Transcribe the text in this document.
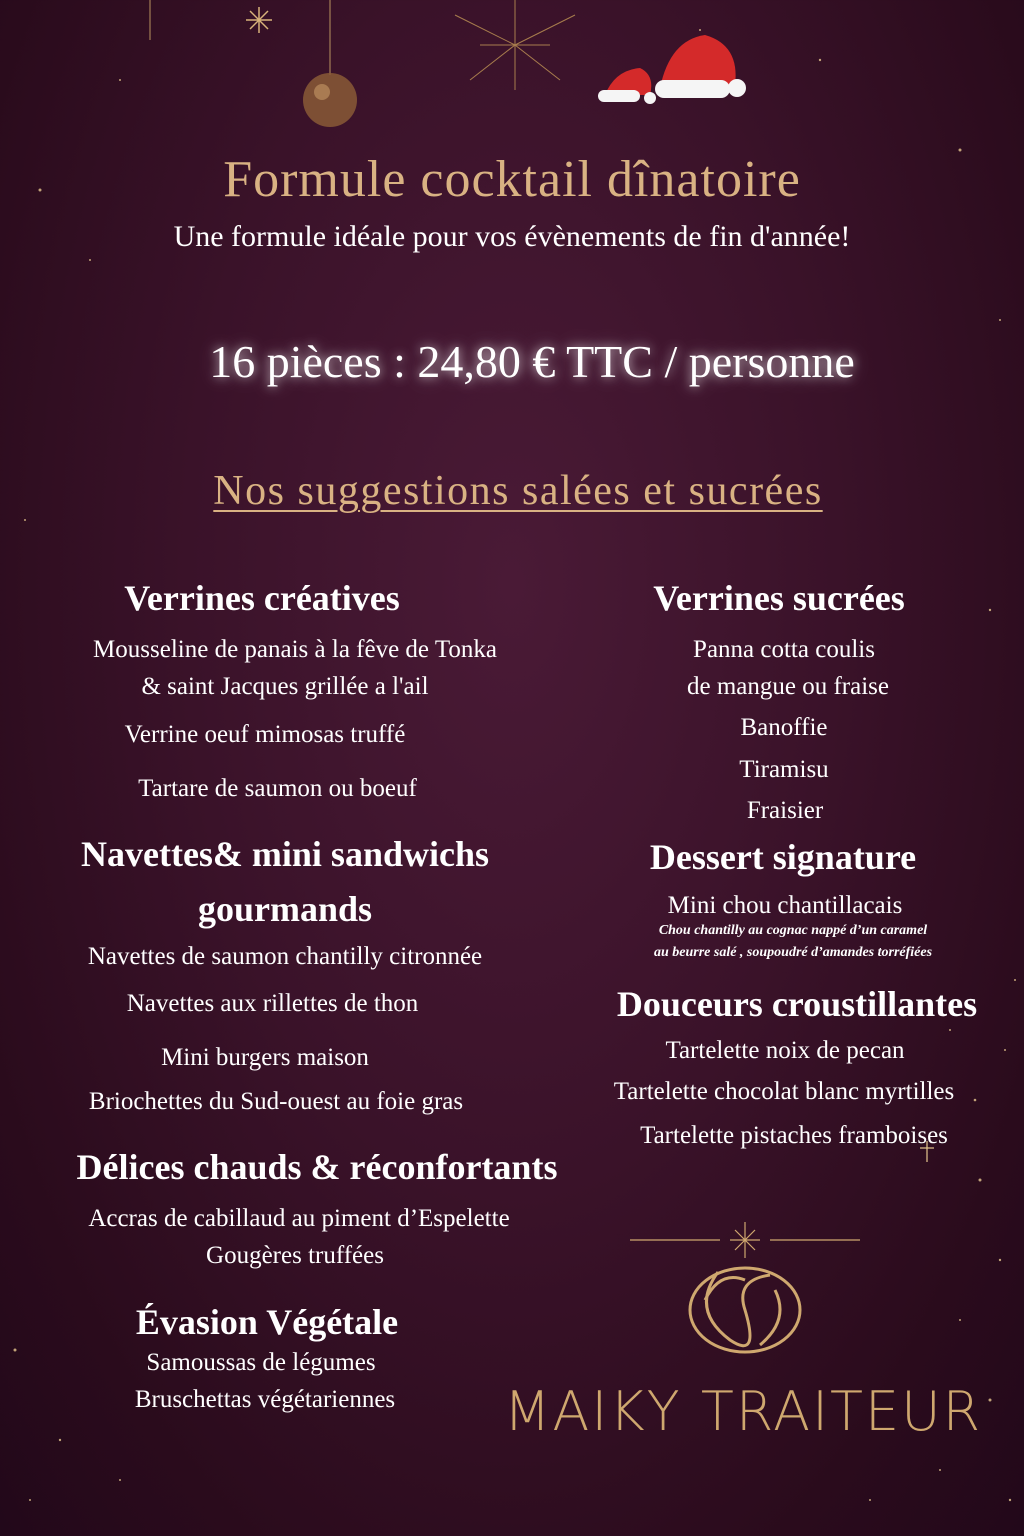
Formule cocktail dînatoire
Une formule idéale pour vos évènements de fin d'année!
16 pièces : 24,80 € TTC / personne
Nos suggestions salées et sucrées
Verrines créatives
Mousseline de panais à la fêve de Tonka
& saint Jacques grillée a l'ail
Verrine oeuf mimosas truffé
Tartare de saumon ou boeuf
Navettes& mini sandwichs
gourmands
Navettes de saumon chantilly citronnée
Navettes aux rillettes de thon
Mini burgers maison
Briochettes du Sud-ouest au foie gras
Délices chauds & réconfortants
Accras de cabillaud au piment d’Espelette
Gougères truffées
Évasion Végétale
Samoussas de légumes
Bruschettas végétariennes
Verrines sucrées
Panna cotta coulis
de mangue ou fraise
Banoffie
Tiramisu
Fraisier
Dessert signature
Mini chou chantillacais
Chou chantilly au cognac nappé d’un caramel
au beurre salé , soupoudré d’amandes torréfiées
Douceurs croustillantes
Tartelette noix de pecan
Tartelette chocolat blanc myrtilles
Tartelette pistaches framboises
MAIKY TRAITEUR
